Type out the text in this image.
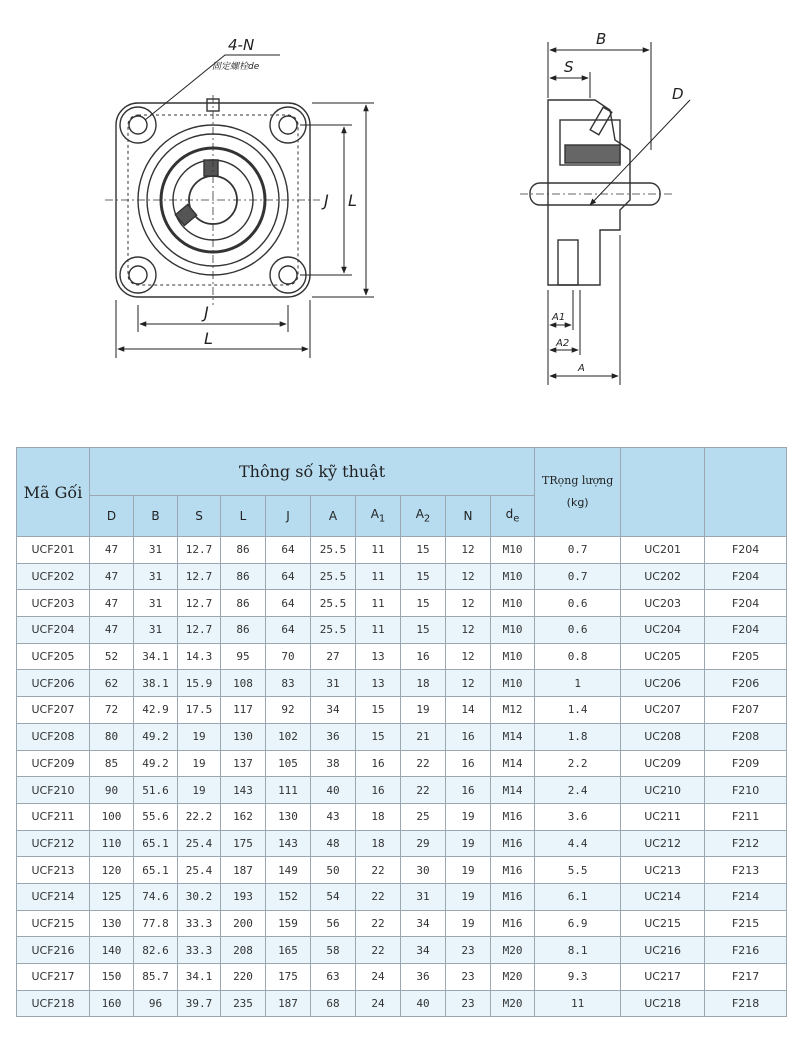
4-N
固定螺栓de
J
L
J L
B
S
D
A1
A2
A
Mã Gối	Thông số kỹ thuật										TRọng lượng
(kg)		
	D	B	S	L	J	A	$A_1$	$A_2$	N	$d_e$
UCF201	47	31	12.7	86	64	25.5	11	15	12	M10	0.7	UC201	F204
UCF202	47	31	12.7	86	64	25.5	11	15	12	M10	0.7	UC202	F204
UCF203	47	31	12.7	86	64	25.5	11	15	12	M10	0.6	UC203	F204
UCF204	47	31	12.7	86	64	25.5	11	15	12	M10	0.6	UC204	F204
UCF205	52	34.1	14.3	95	70	27	13	16	12	M10	0.8	UC205	F205
UCF206	62	38.1	15.9	108	83	31	13	18	12	M10	1	UC206	F206
UCF207	72	42.9	17.5	117	92	34	15	19	14	M12	1.4	UC207	F207
UCF208	80	49.2	19	130	102	36	15	21	16	M14	1.8	UC208	F208
UCF209	85	49.2	19	137	105	38	16	22	16	M14	2.2	UC209	F209
UCF210	90	51.6	19	143	111	40	16	22	16	M14	2.4	UC210	F210
UCF211	100	55.6	22.2	162	130	43	18	25	19	M16	3.6	UC211	F211
UCF212	110	65.1	25.4	175	143	48	18	29	19	M16	4.4	UC212	F212
UCF213	120	65.1	25.4	187	149	50	22	30	19	M16	5.5	UC213	F213
UCF214	125	74.6	30.2	193	152	54	22	31	19	M16	6.1	UC214	F214
UCF215	130	77.8	33.3	200	159	56	22	34	19	M16	6.9	UC215	F215
UCF216	140	82.6	33.3	208	165	58	22	34	23	M20	8.1	UC216	F216
UCF217	150	85.7	34.1	220	175	63	24	36	23	M20	9.3	UC217	F217
UCF218	160	96	39.7	235	187	68	24	40	23	M20	11	UC218	F218
